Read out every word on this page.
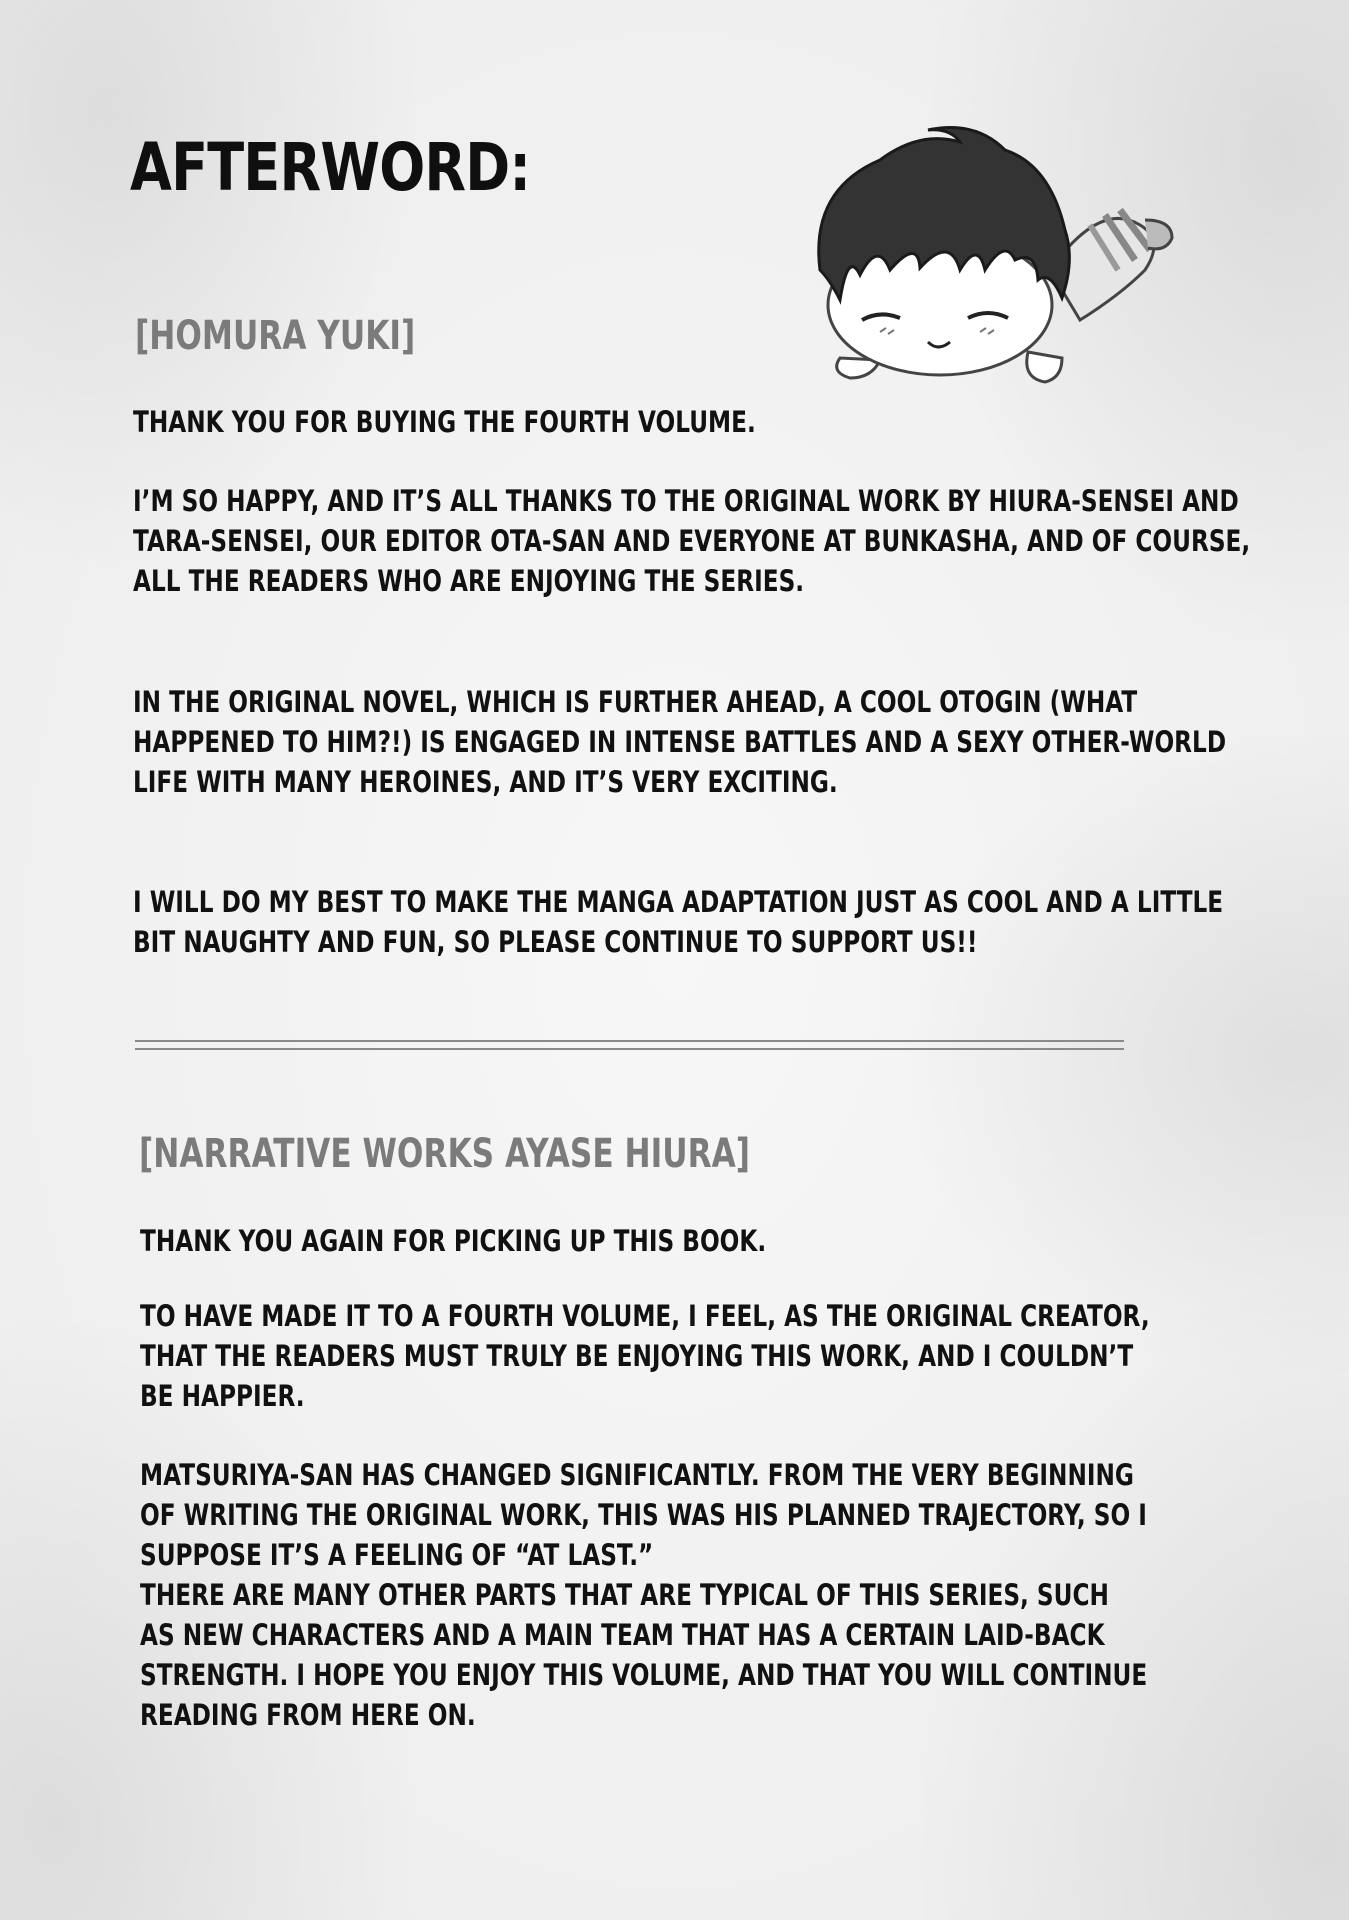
AFTERWORD:
[HOMURA YUKI]

THANK YOU FOR BUYING THE FOURTH VOLUME.

I’M SO HAPPY, AND IT’S ALL THANKS TO THE ORIGINAL WORK BY HIURA-SENSEI AND
TARA-SENSEI, OUR EDITOR OTA-SAN AND EVERYONE AT BUNKASHA, AND OF COURSE,
ALL THE READERS WHO ARE ENJOYING THE SERIES.

IN THE ORIGINAL NOVEL, WHICH IS FURTHER AHEAD, A COOL OTOGIN (WHAT
HAPPENED TO HIM?!) IS ENGAGED IN INTENSE BATTLES AND A SEXY OTHER-WORLD
LIFE WITH MANY HEROINES, AND IT’S VERY EXCITING.

I WILL DO MY BEST TO MAKE THE MANGA ADAPTATION JUST AS COOL AND A LITTLE
BIT NAUGHTY AND FUN, SO PLEASE CONTINUE TO SUPPORT US!!

[NARRATIVE WORKS AYASE HIURA]

THANK YOU AGAIN FOR PICKING UP THIS BOOK.

TO HAVE MADE IT TO A FOURTH VOLUME, I FEEL, AS THE ORIGINAL CREATOR,
THAT THE READERS MUST TRULY BE ENJOYING THIS WORK, AND I COULDN’T
BE HAPPIER.

MATSURIYA-SAN HAS CHANGED SIGNIFICANTLY. FROM THE VERY BEGINNING
OF WRITING THE ORIGINAL WORK, THIS WAS HIS PLANNED TRAJECTORY, SO I
SUPPOSE IT’S A FEELING OF “AT LAST.”
THERE ARE MANY OTHER PARTS THAT ARE TYPICAL OF THIS SERIES, SUCH
AS NEW CHARACTERS AND A MAIN TEAM THAT HAS A CERTAIN LAID-BACK
STRENGTH. I HOPE YOU ENJOY THIS VOLUME, AND THAT YOU WILL CONTINUE
READING FROM HERE ON.
